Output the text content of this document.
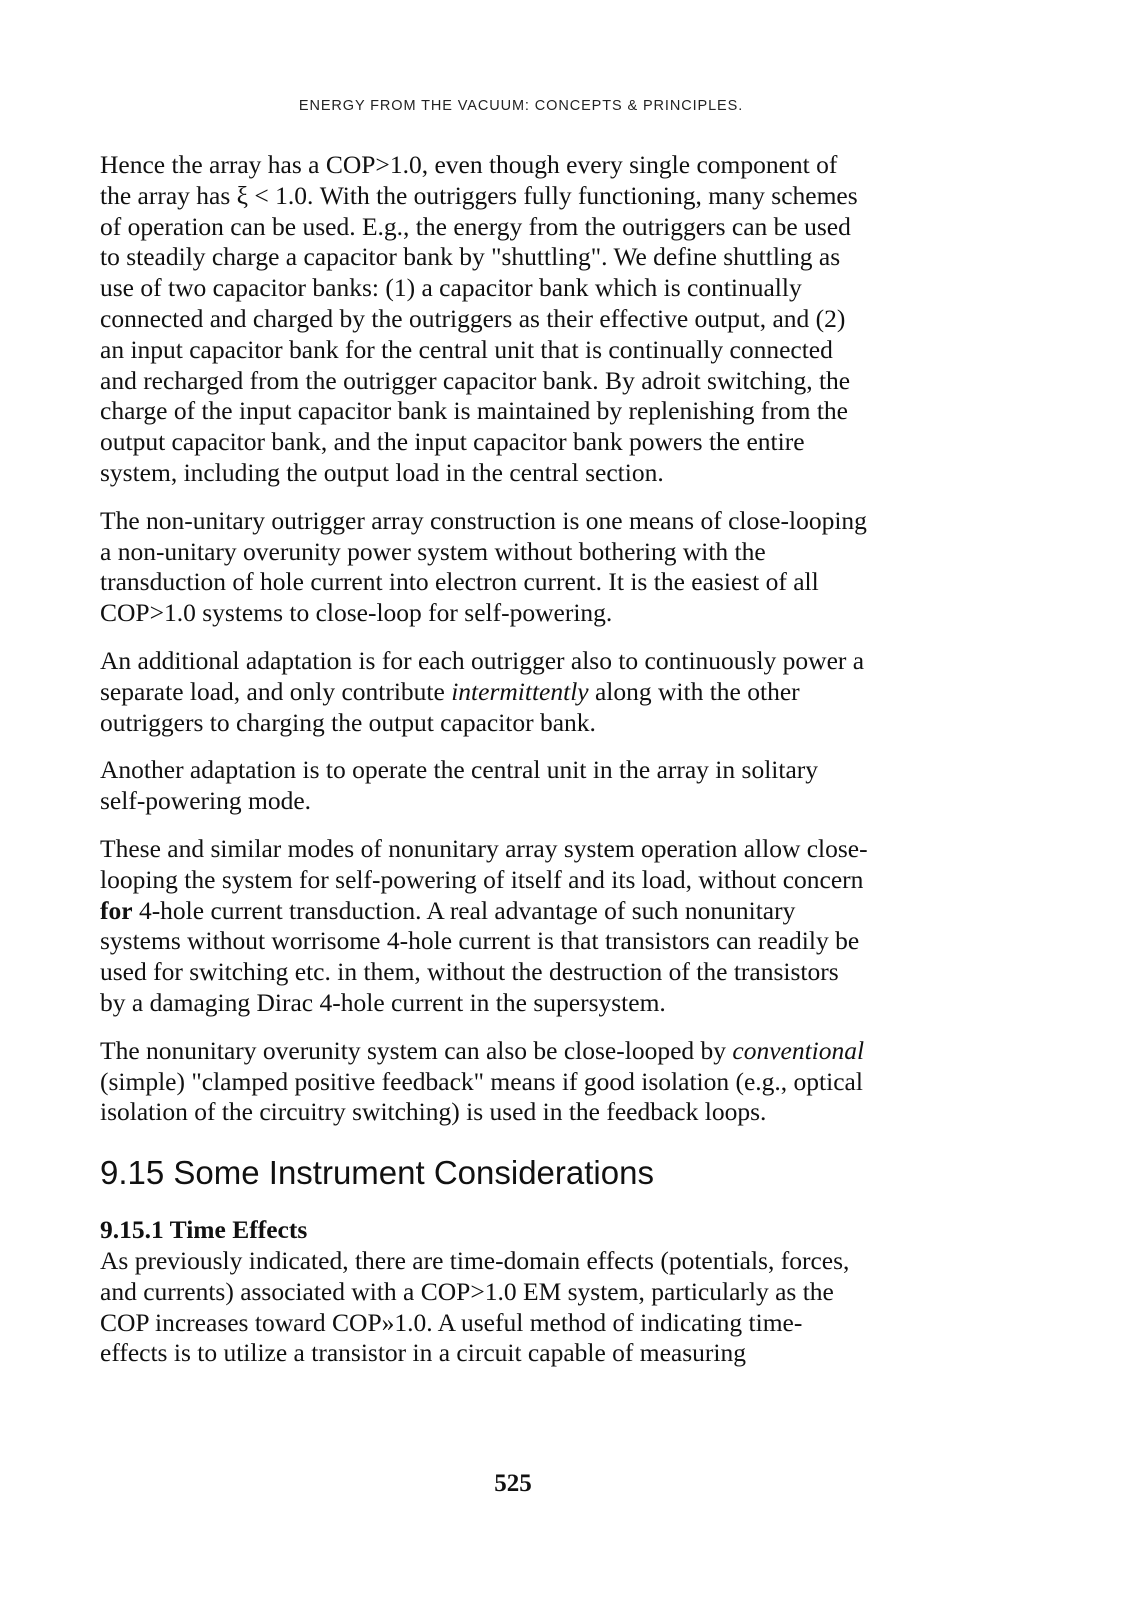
ENERGY FROM THE VACUUM: CONCEPTS & PRINCIPLES.

Hence the array has a COP>1.0, even though every single component of
the array has ξ < 1.0. With the outriggers fully functioning, many schemes
of operation can be used. E.g., the energy from the outriggers can be used
to steadily charge a capacitor bank by "shuttling". We define shuttling as
use of two capacitor banks: (1) a capacitor bank which is continually
connected and charged by the outriggers as their effective output, and (2)
an input capacitor bank for the central unit that is continually connected
and recharged from the outrigger capacitor bank. By adroit switching, the
charge of the input capacitor bank is maintained by replenishing from the
output capacitor bank, and the input capacitor bank powers the entire
system, including the output load in the central section.

The non-unitary outrigger array construction is one means of close-looping
a non-unitary overunity power system without bothering with the
transduction of hole current into electron current. It is the easiest of all
COP>1.0 systems to close-loop for self-powering.

An additional adaptation is for each outrigger also to continuously power a
separate load, and only contribute intermittently along with the other
outriggers to charging the output capacitor bank.

Another adaptation is to operate the central unit in the array in solitary
self-powering mode.

These and similar modes of nonunitary array system operation allow close-
looping the system for self-powering of itself and its load, without concern
for 4-hole current transduction. A real advantage of such nonunitary
systems without worrisome 4-hole current is that transistors can readily be
used for switching etc. in them, without the destruction of the transistors
by a damaging Dirac 4-hole current in the supersystem.

The nonunitary overunity system can also be close-looped by conventional
(simple) "clamped positive feedback" means if good isolation (e.g., optical
isolation of the circuitry switching) is used in the feedback loops.

9.15 Some Instrument Considerations

9.15.1 Time Effects
As previously indicated, there are time-domain effects (potentials, forces,
and currents) associated with a COP>1.0 EM system, particularly as the
COP increases toward COP»1.0. A useful method of indicating time-
effects is to utilize a transistor in a circuit capable of measuring

525
